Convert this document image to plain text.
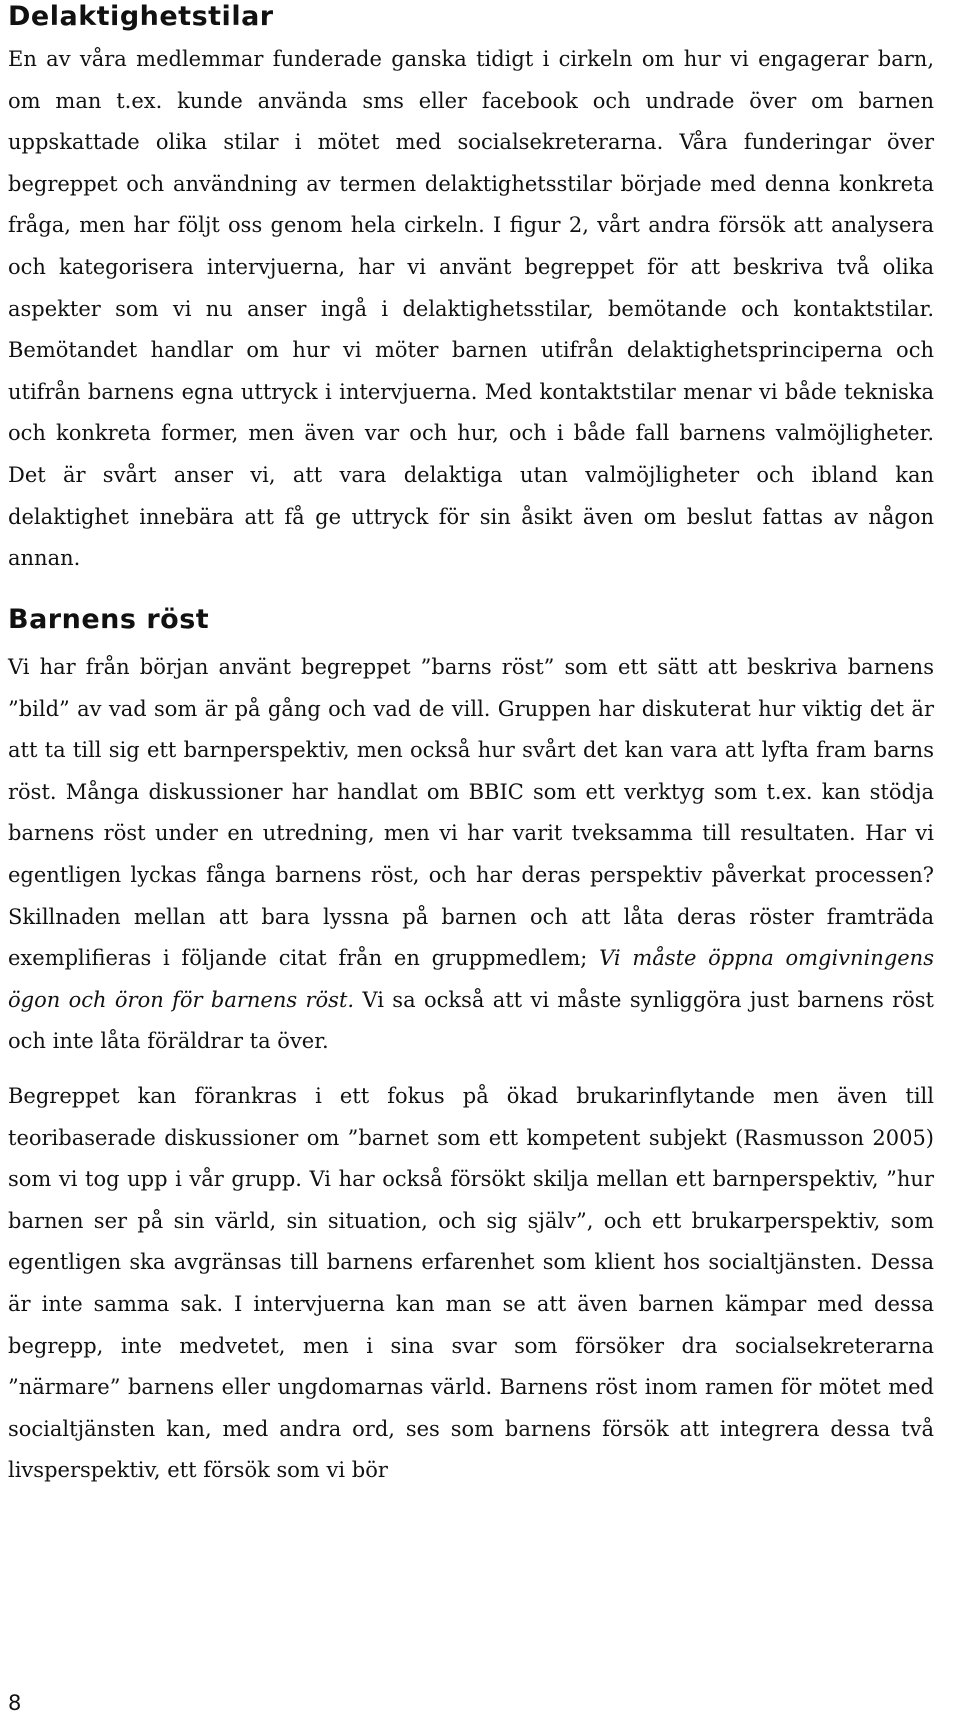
Delaktighetstilar

En av våra medlemmar funderade ganska tidigt i cirkeln om hur vi engagerar barn, om man t.ex. kunde använda sms eller facebook och undrade över om barnen uppskattade olika stilar i mötet med socialsekreterarna. Våra funderingar över begreppet och användning av termen delaktighetsstilar började med denna konkreta fråga, men har följt oss genom hela cirkeln. I figur 2, vårt andra försök att analysera och kategorisera intervjuerna, har vi använt begreppet för att beskriva två olika aspekter som vi nu anser ingå i delaktighetsstilar, bemötande och kontaktstilar. Bemötandet handlar om hur vi möter barnen utifrån delaktighetsprinciperna och utifrån barnens egna uttryck i intervjuerna. Med kontaktstilar menar vi både tekniska och konkreta former, men även var och hur, och i både fall barnens valmöjligheter. Det är svårt anser vi, att vara delaktiga utan valmöjligheter och ibland kan delaktighet innebära att få ge uttryck för sin åsikt även om beslut fattas av någon annan.

Barnens röst

Vi har från början använt begreppet ”barns röst” som ett sätt att beskriva barnens ”bild” av vad som är på gång och vad de vill. Gruppen har diskuterat hur viktig det är att ta till sig ett barnperspektiv, men också hur svårt det kan vara att lyfta fram barns röst. Många diskussioner har handlat om BBIC som ett verktyg som t.ex. kan stödja barnens röst under en utredning, men vi har varit tveksamma till resultaten. Har vi egentligen lyckas fånga barnens röst, och har deras perspektiv påverkat processen? Skillnaden mellan att bara lyssna på barnen och att låta deras röster framträda exemplifieras i följande citat från en gruppmedlem; Vi måste öppna omgivningens ögon och öron för barnens röst. Vi sa också att vi måste synliggöra just barnens röst och inte låta föräldrar ta över.

Begreppet kan förankras i ett fokus på ökad brukarinflytande men även till teoribaserade diskussioner om ”barnet som ett kompetent subjekt (Rasmusson 2005) som vi tog upp i vår grupp. Vi har också försökt skilja mellan ett barnperspektiv, ”hur barnen ser på sin värld, sin situation, och sig själv”, och ett brukarperspektiv, som egentligen ska avgränsas till barnens erfarenhet som klient hos socialtjänsten. Dessa är inte samma sak. I intervjuerna kan man se att även barnen kämpar med dessa begrepp, inte medvetet, men i sina svar som försöker dra socialsekreterarna ”närmare” barnens eller ungdomarnas värld. Barnens röst inom ramen för mötet med socialtjänsten kan, med andra ord, ses som barnens försök att integrera dessa två livsperspektiv, ett försök som vi bör

8
